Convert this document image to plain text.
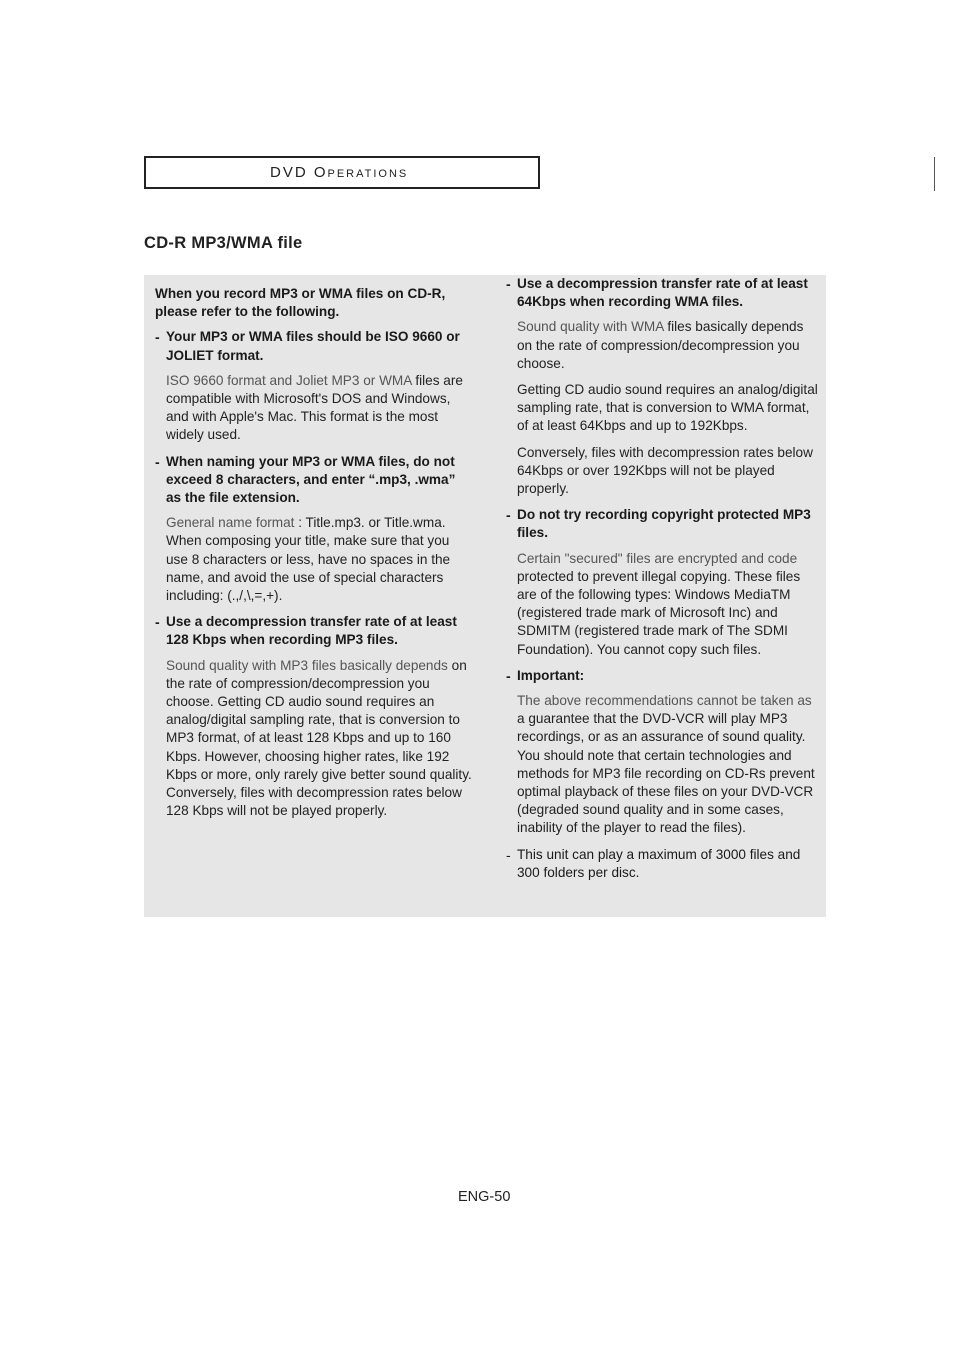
DVD Operations
CD-R MP3/WMA file
When you record MP3 or WMA files on CD-R, please refer to the following.
- Your MP3 or WMA files should be ISO 9660 or JOLIET format.
ISO 9660 format and Joliet MP3 or WMA files are compatible with Microsoft's DOS and Windows, and with Apple's Mac. This format is the most widely used.
- When naming your MP3 or WMA files, do not exceed 8 characters, and enter “.mp3, .wma” as the file extension.
General name format : Title.mp3. or Title.wma. When composing your title, make sure that you use 8 characters or less, have no spaces in the name, and avoid the use of special characters including: (.,/,\,=,+).
- Use a decompression transfer rate of at least 128 Kbps when recording MP3 files.
Sound quality with MP3 files basically depends on the rate of compression/decompression you choose. Getting CD audio sound requires an analog/digital sampling rate, that is conversion to MP3 format, of at least 128 Kbps and up to 160 Kbps. However, choosing higher rates, like 192 Kbps or more, only rarely give better sound quality. Conversely, files with decompression rates below 128 Kbps will not be played properly.
- Use a decompression transfer rate of at least 64Kbps when recording WMA files.
Sound quality with WMA files basically depends on the rate of compression/decompression you choose.
Getting CD audio sound requires an analog/digital sampling rate, that is conversion to WMA format, of at least 64Kbps and up to 192Kbps.
Conversely, files with decompression rates below 64Kbps or over 192Kbps will not be played properly.
- Do not try recording copyright protected MP3 files.
Certain "secured" files are encrypted and code protected to prevent illegal copying. These files are of the following types: Windows MediaTM (registered trade mark of Microsoft Inc) and SDMITM (registered trade mark of The SDMI Foundation). You cannot copy such files.
- Important:
The above recommendations cannot be taken as a guarantee that the DVD-VCR will play MP3 recordings, or as an assurance of sound quality. You should note that certain technologies and methods for MP3 file recording on CD-Rs prevent optimal playback of these files on your DVD-VCR (degraded sound quality and in some cases, inability of the player to read the files).
- This unit can play a maximum of 3000 files and 300 folders per disc.
ENG-50
